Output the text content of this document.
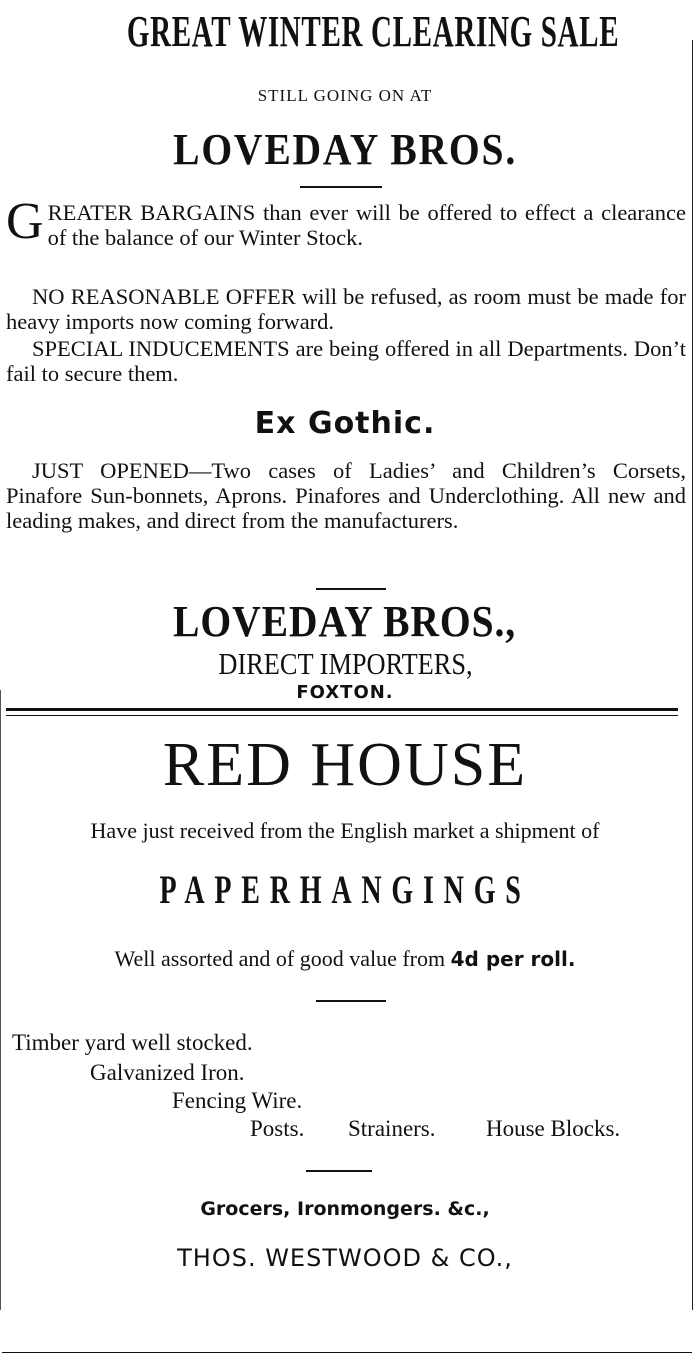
GREAT WINTER CLEARING SALE
STILL GOING ON AT
LOVEDAY BROS.
GREATER BARGAINS than ever will be offered to effect a clearance of the balance of our Winter Stock.
NO REASONABLE OFFER will be refused, as room must be made for heavy imports now coming forward.
SPECIAL INDUCEMENTS are being offered in all Departments. Don’t fail to secure them.
Ex Gothic.
JUST OPENED—Two cases of Ladies’ and Children’s Corsets, Pinafore Sun-bonnets, Aprons. Pinafores and Underclothing. All new and leading makes, and direct from the manufacturers.
LOVEDAY BROS.,
DIRECT IMPORTERS,
FOXTON.
RED HOUSE
Have just received from the English market a shipment of
PAPERHANGINGS
Well assorted and of good value from 4d per roll.
Timber yard well stocked.
Galvanized Iron.
Fencing Wire.
Posts. Strainers. House Blocks.
Grocers, Ironmongers. &c.,
THOS. WESTWOOD & CO.,
